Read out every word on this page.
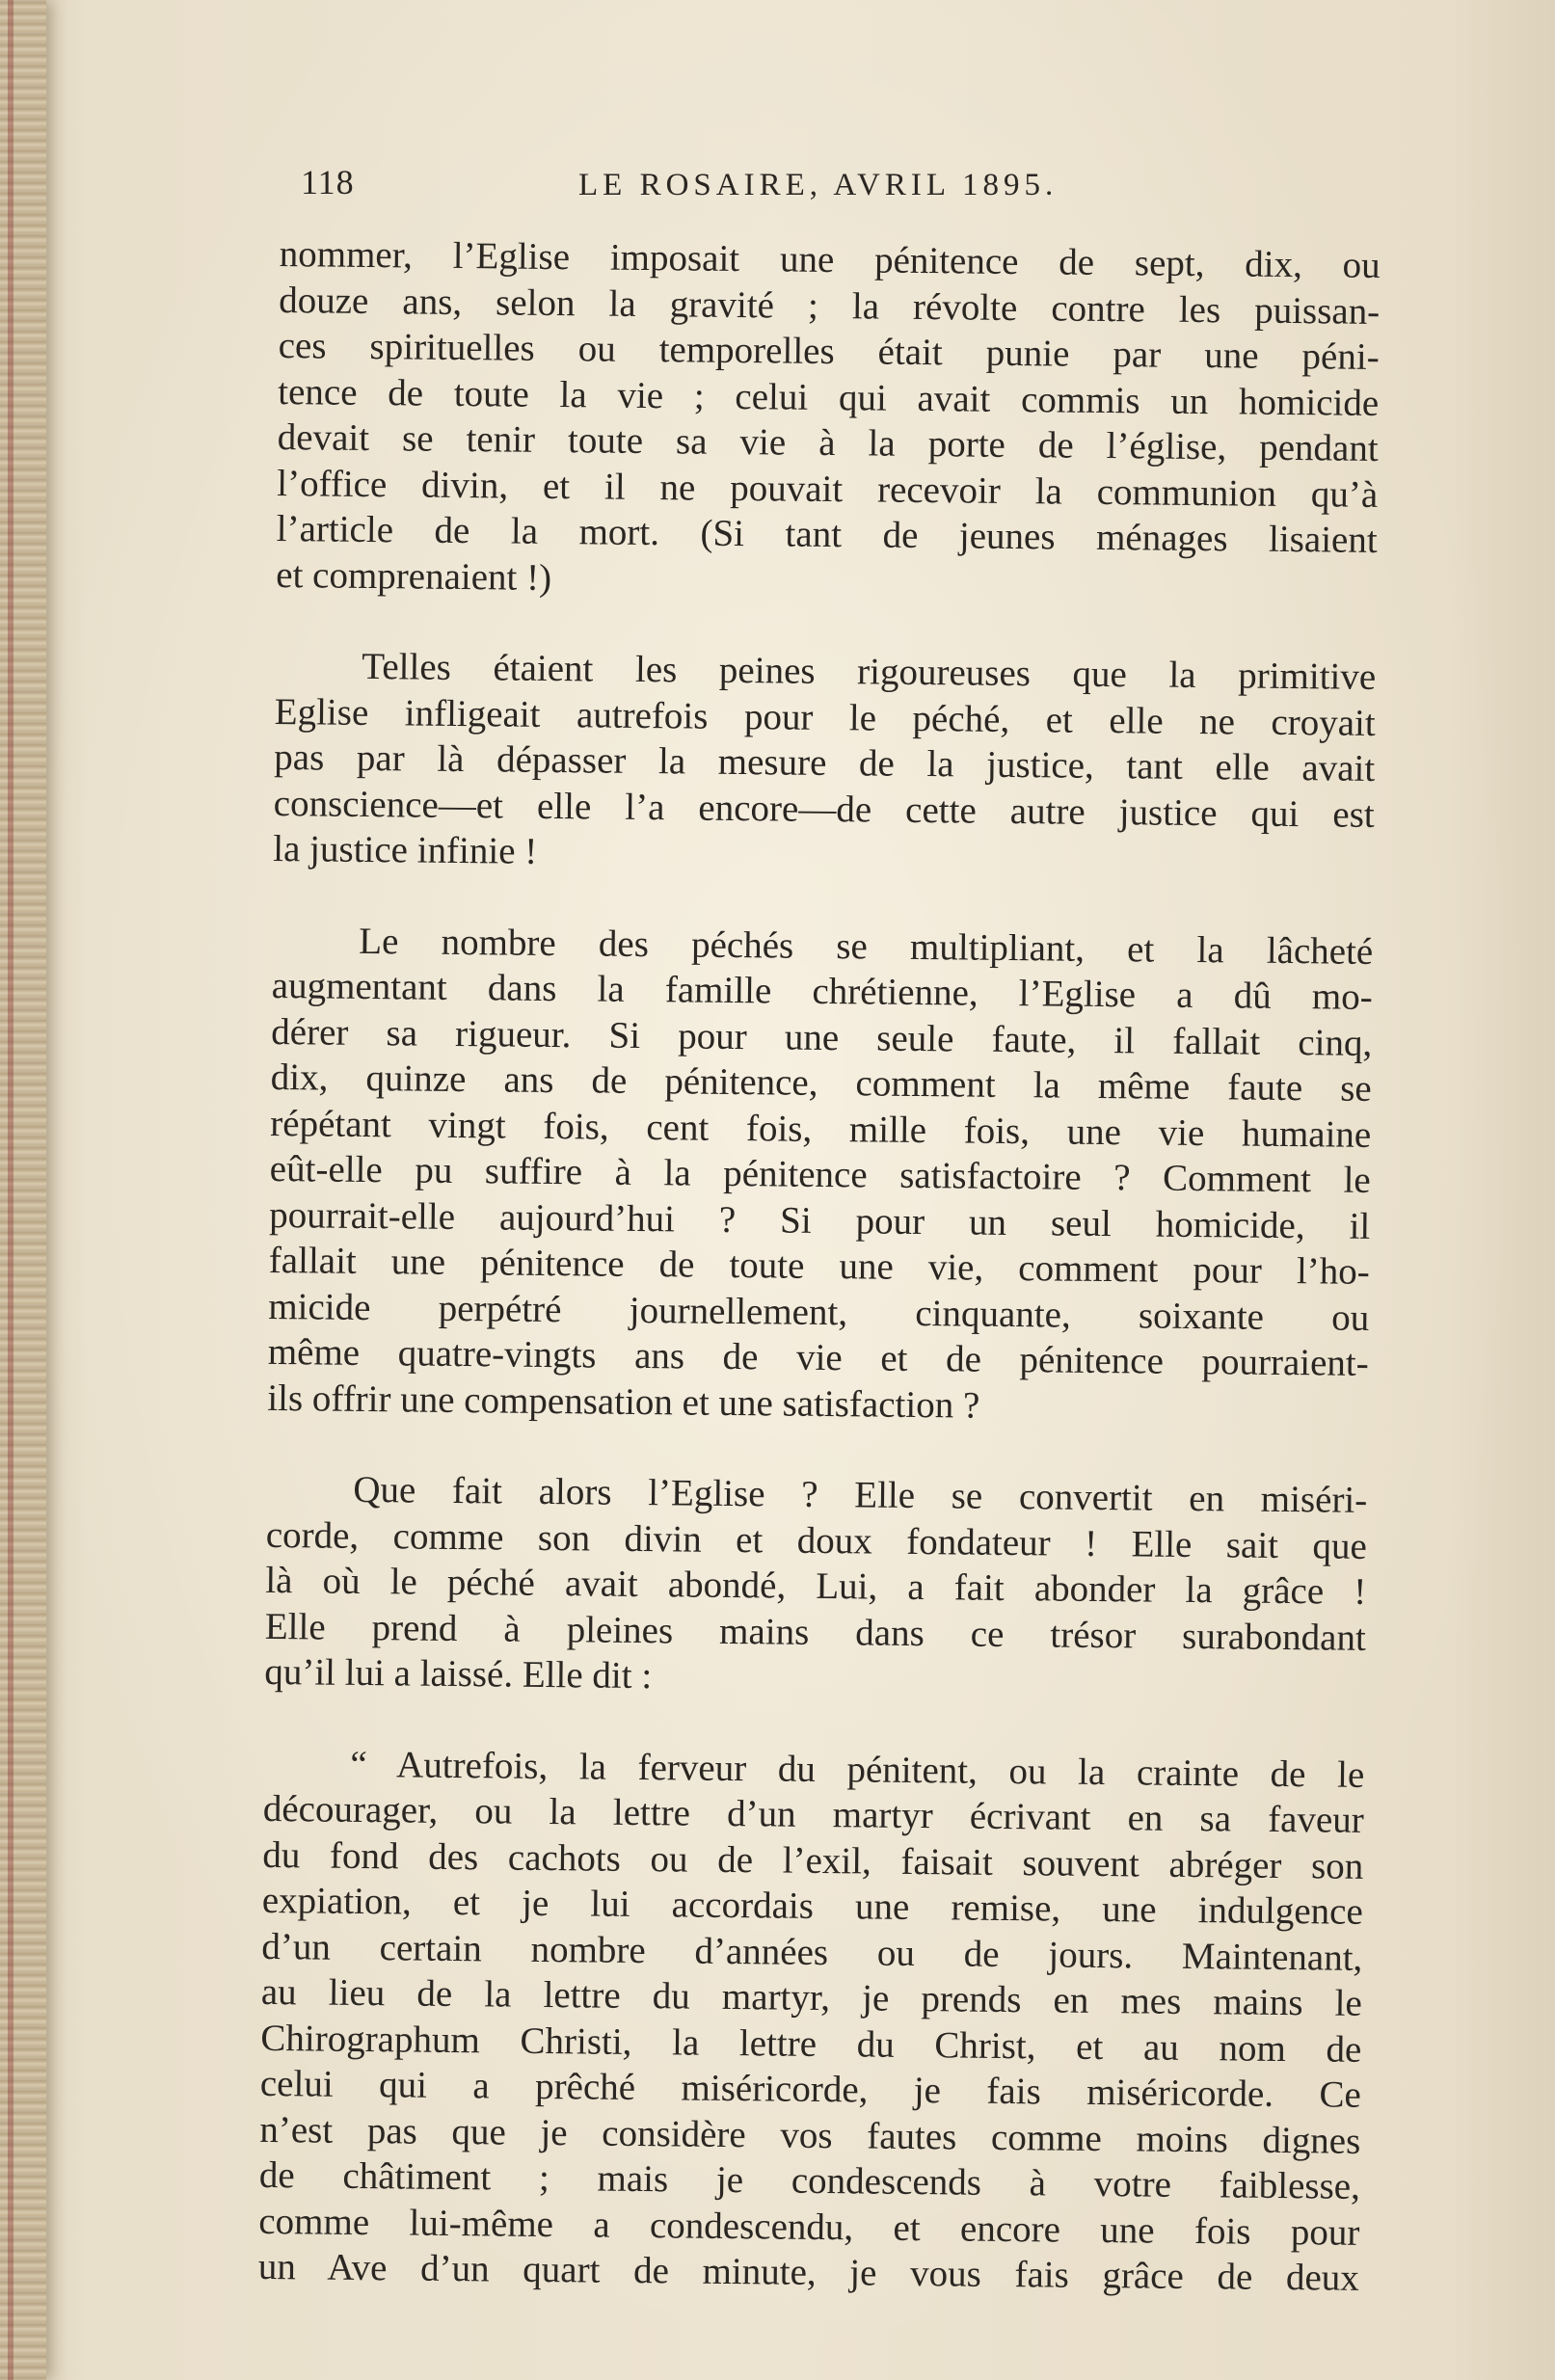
118	LE ROSAIRE, AVRIL 1895.
nommer, l’Eglise imposait une pénitence de sept, dix, ou
douze ans, selon la gravité ; la révolte contre les puissan-
ces spirituelles ou temporelles était punie par une péni-
tence de toute la vie ; celui qui avait commis un homicide
devait se tenir toute sa vie à la porte de l’église, pendant
l’office divin, et il ne pouvait recevoir la communion qu’à
l’article de la mort. (Si tant de jeunes ménages lisaient
et comprenaient !)
Telles étaient les peines rigoureuses que la primitive
Eglise infligeait autrefois pour le péché, et elle ne croyait
pas par là dépasser la mesure de la justice, tant elle avait
conscience—et elle l’a encore—de cette autre justice qui est
la justice infinie !
Le nombre des péchés se multipliant, et la lâcheté
augmentant dans la famille chrétienne, l’Eglise a dû mo-
dérer sa rigueur. Si pour une seule faute, il fallait cinq,
dix, quinze ans de pénitence, comment la même faute se
répétant vingt fois, cent fois, mille fois, une vie humaine
eût-elle pu suffire à la pénitence satisfactoire ? Comment le
pourrait-elle aujourd’hui ? Si pour un seul homicide, il
fallait une pénitence de toute une vie, comment pour l’ho-
micide perpétré journellement, cinquante, soixante ou
même quatre-vingts ans de vie et de pénitence pourraient-
ils offrir une compensation et une satisfaction ?
Que fait alors l’Eglise ? Elle se convertit en miséri-
corde, comme son divin et doux fondateur ! Elle sait que
là où le péché avait abondé, Lui, a fait abonder la grâce !
Elle prend à pleines mains dans ce trésor surabondant
qu’il lui a laissé. Elle dit :
“ Autrefois, la ferveur du pénitent, ou la crainte de le
décourager, ou la lettre d’un martyr écrivant en sa faveur
du fond des cachots ou de l’exil, faisait souvent abréger son
expiation, et je lui accordais une remise, une indulgence
d’un certain nombre d’années ou de jours. Maintenant,
au lieu de la lettre du martyr, je prends en mes mains le
Chirographum Christi, la lettre du Christ, et au nom de
celui qui a prêché miséricorde, je fais miséricorde. Ce
n’est pas que je considère vos fautes comme moins dignes
de châtiment ; mais je condescends à votre faiblesse,
comme lui-même a condescendu, et encore une fois pour
un Ave d’un quart de minute, je vous fais grâce de deux
